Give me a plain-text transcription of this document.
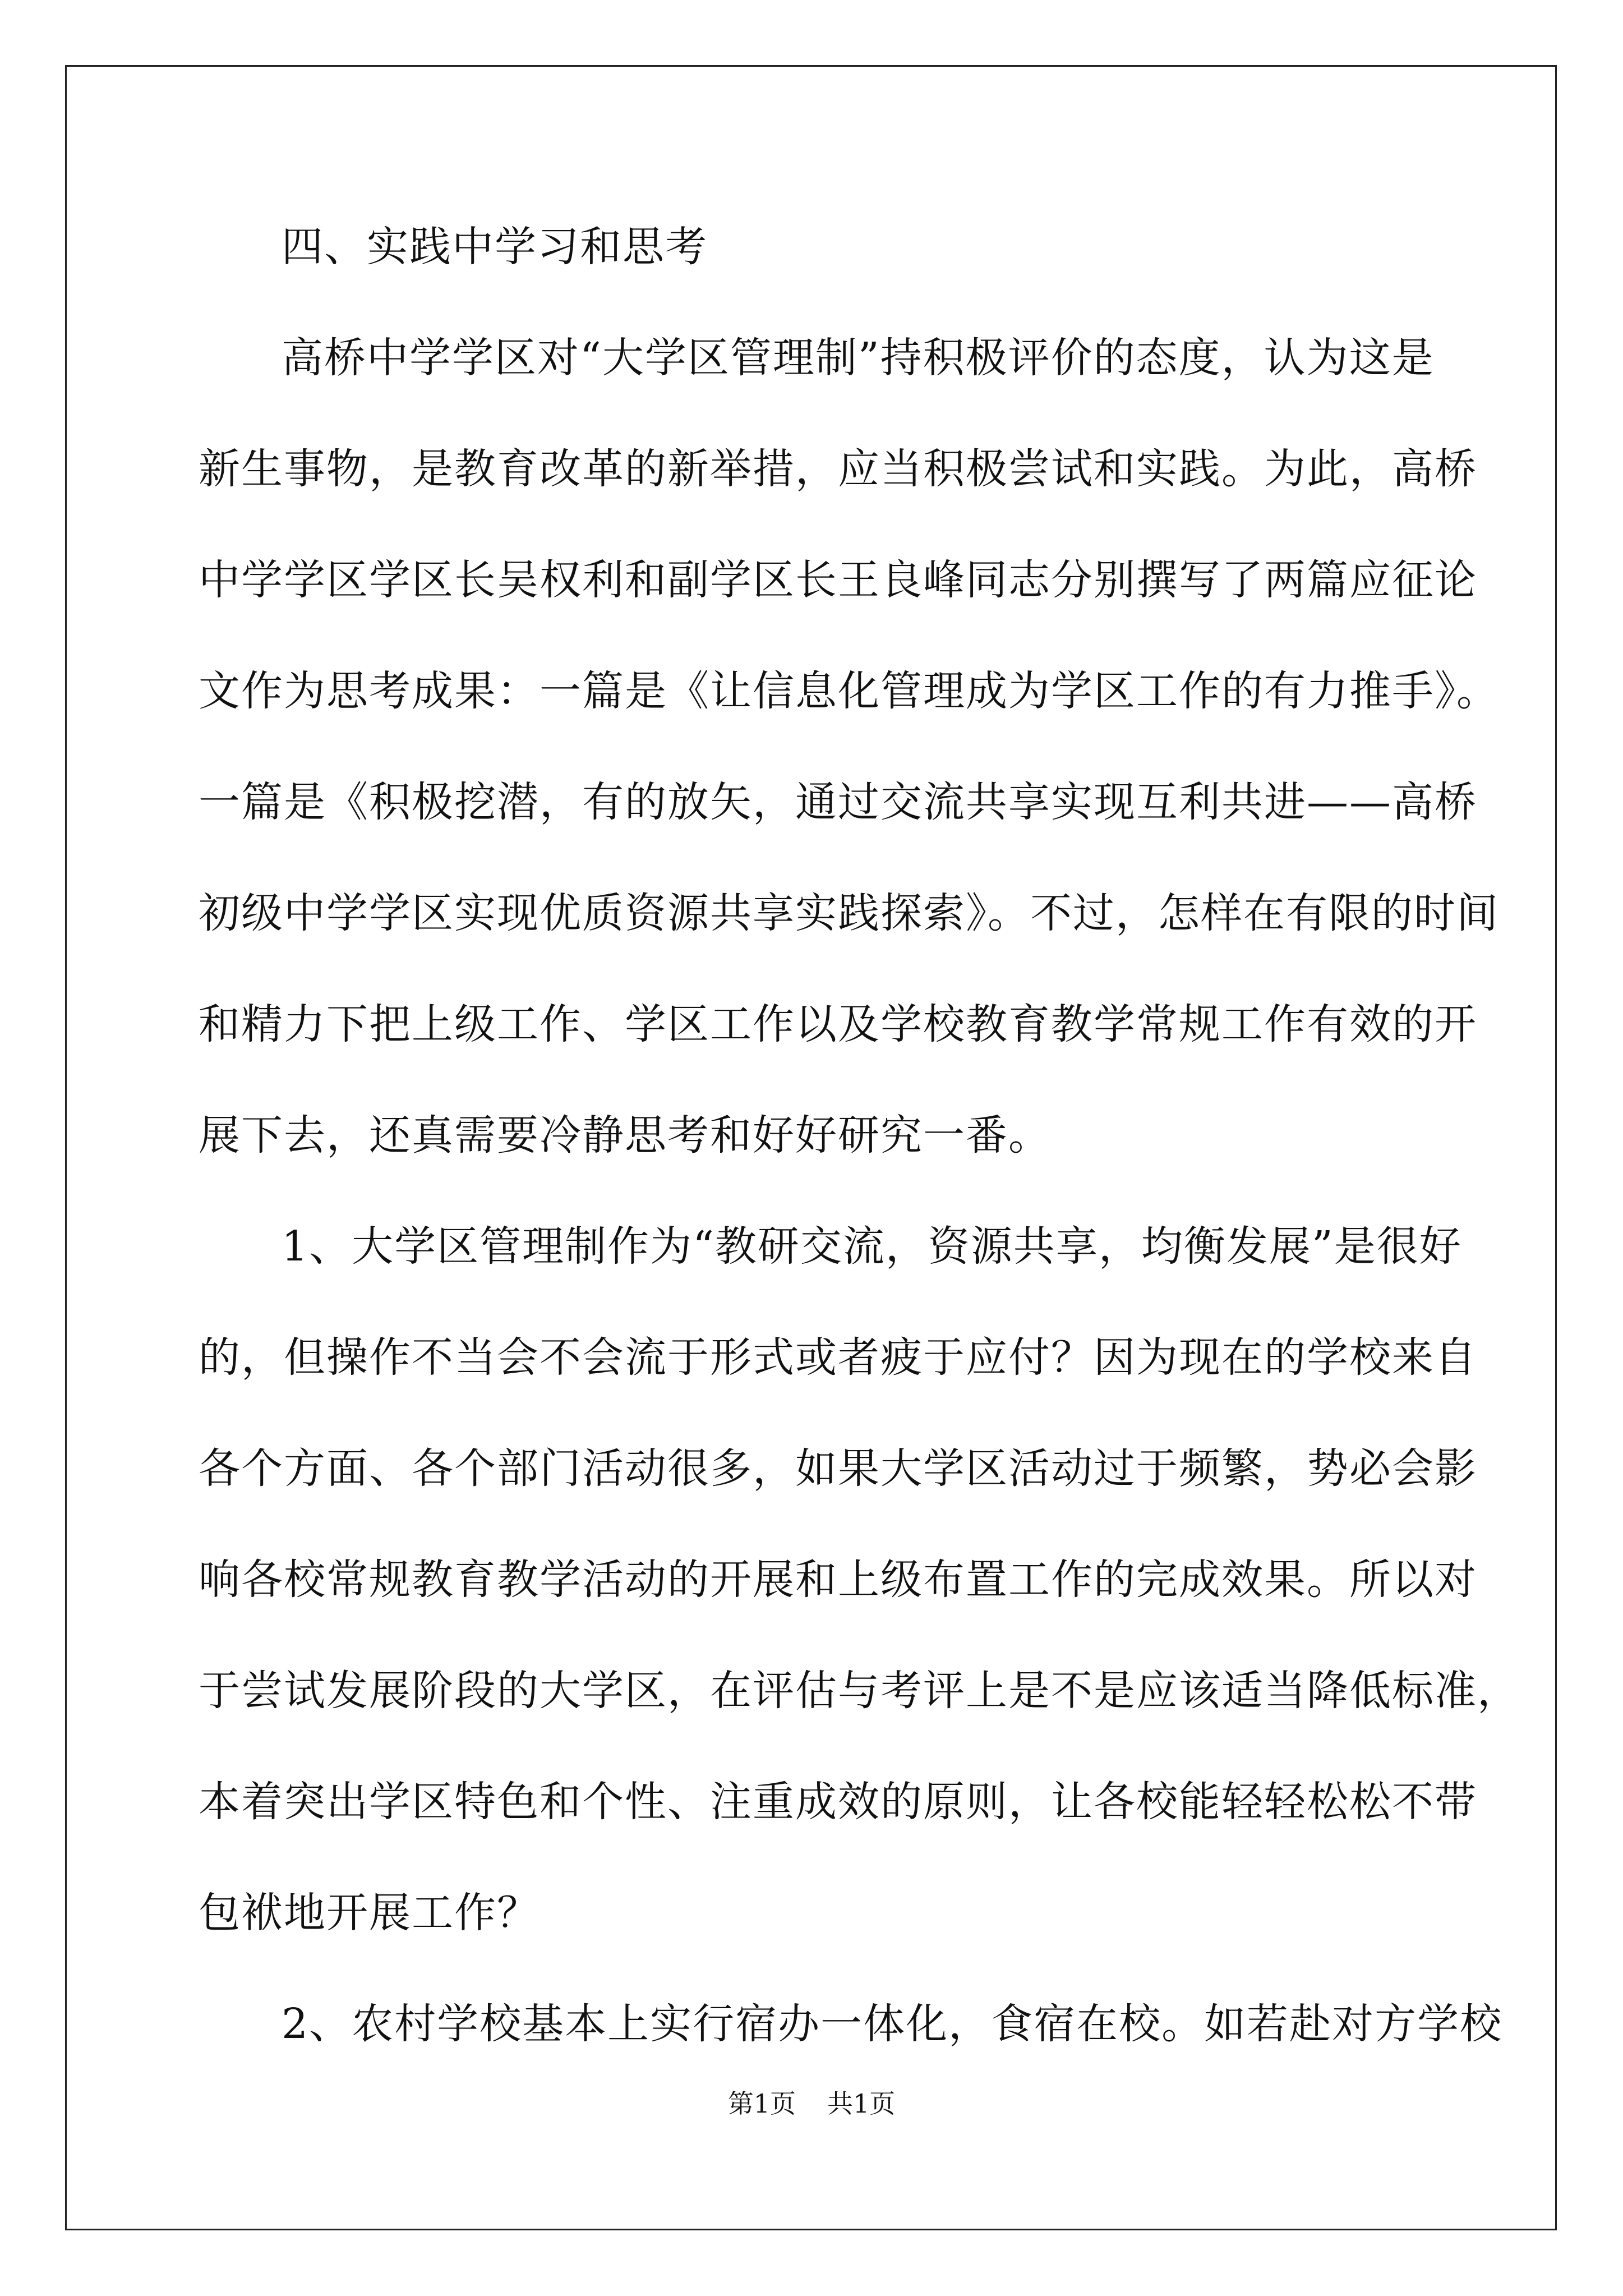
四、实践中学习和思考
高桥中学学区对“大学区管理制”持积极评价的态度，认为这是
新生事物，是教育改革的新举措，应当积极尝试和实践。为此，高桥
中学学区学区长吴权利和副学区长王良峰同志分别撰写了两篇应征论
文作为思考成果：一篇是《让信息化管理成为学区工作的有力推手》。
一篇是《积极挖潜，有的放矢，通过交流共享实现互利共进——高桥
初级中学学区实现优质资源共享实践探索》。不过，怎样在有限的时间
和精力下把上级工作、学区工作以及学校教育教学常规工作有效的开
展下去，还真需要冷静思考和好好研究一番。
1、大学区管理制作为“教研交流，资源共享，均衡发展”是很好
的，但操作不当会不会流于形式或者疲于应付？因为现在的学校来自
各个方面、各个部门活动很多，如果大学区活动过于频繁，势必会影
响各校常规教育教学活动的开展和上级布置工作的完成效果。所以对
于尝试发展阶段的大学区，在评估与考评上是不是应该适当降低标准，
本着突出学区特色和个性、注重成效的原则，让各校能轻轻松松不带
包袱地开展工作？
2、农村学校基本上实行宿办一体化，食宿在校。如若赴对方学校
第1页 共1页
